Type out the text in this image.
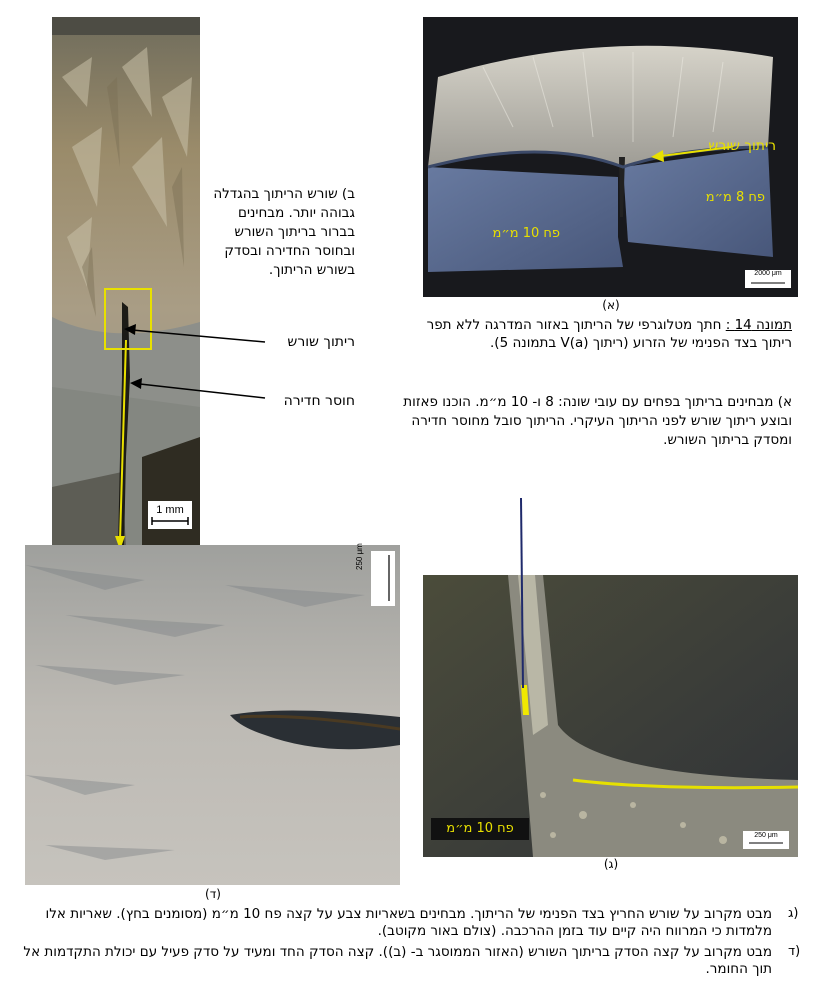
1 mm
ב) שורש הריתוך בהגדלה גבוהה יותר. מבחינים בברור בריתוך השורש ובחוסר החדירה ובסדק בשורש הריתוך.
ריתוך שורש
חוסר חדירה
ריתוך שורש
פח 8 מ״מ
פח 10 מ״מ
2000 μm
(א)
תמונה 14 : חתך מטלוגרפי של הריתוך באזור המדרגה ללא תפר ריתוך בצד הפנימי של הזרוע (ריתוך V(a) בתמונה 5).
א) מבחינים בריתוך בפחים עם עובי שונה: 8 ו- 10 מ״מ. הוכנו פאזות ובוצע ריתוך שורש לפני הריתוך העיקרי. הריתוך סובל מחוסר חדירה ומסדק בריתוך השורש.
250 μm
(ד)
פח 10 מ״מ	250 μm
(ג)
ג)
מבט מקרוב על שורש החריץ בצד הפנימי של הריתוך. מבחינים בשאריות צבע על קצה פח 10 מ״מ (מסומנים בחץ). שאריות אלו מלמדות כי המרווח היה קיים עוד בזמן ההרכבה. (צולם באור מקוטב).
ד)
מבט מקרוב על קצה הסדק בריתוך השורש (האזור הממוסגר ב- (ב)). קצה הסדק החד ומעיד על סדק פעיל עם יכולת התקדמות אל תוך החומר.
